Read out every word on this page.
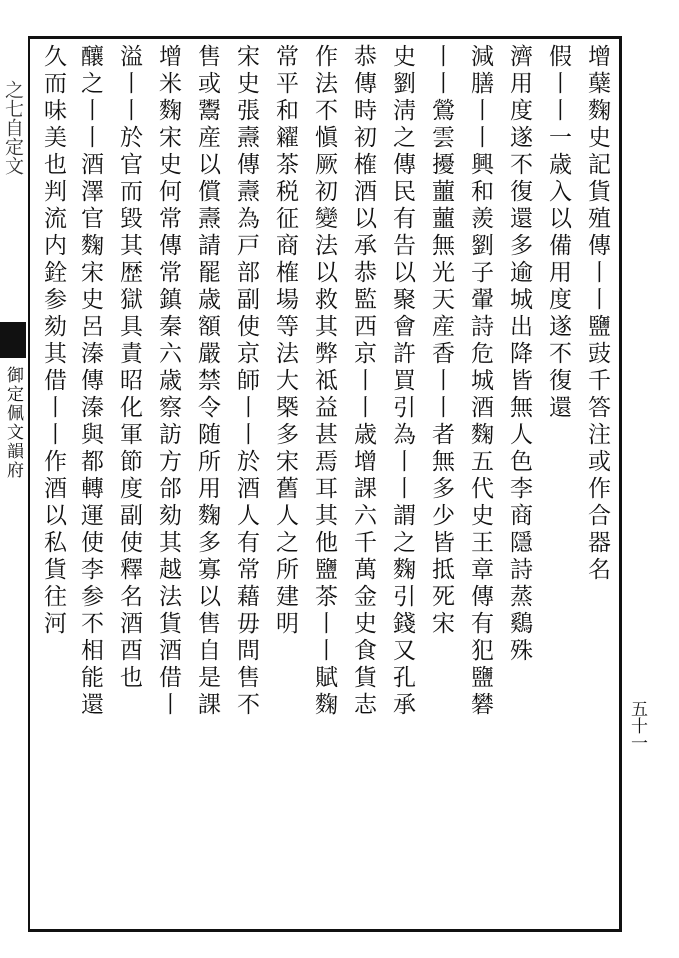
增蘖麴史記貨殖傳丨丨鹽豉千答注或作合器名
假丨丨一歳入以備用度遂不復還
濟用度遂不復還多逾城出降皆無人色李商隱詩蒸鷄殊
減膳丨丨興和羨劉子翬詩危城酒麴五代史王章傳有犯鹽礬
丨丨鶯雲擾蘁蘁無光天産香丨丨者無多少皆抵死宋
史劉淸之傳民有告以聚會許買引為丨丨謂之麴引錢又孔承
恭傳時初榷酒以承恭監西京丨丨歳增課六千萬金史食貨志
作法不愼厥初變法以救其弊祗益甚焉耳其他鹽茶丨丨賦麴
常平和糴茶税征商榷場等法大槩多宋舊人之所建明
宋史張燾傳燾為戸部副使京師丨丨於酒人有常藉毋問售不
售或鬻産以償燾請罷歳額嚴禁令随所用麴多寡以售自是課
增米麴宋史何常傳常鎮秦六歳察訪方郃劾其越法貨酒借丨
溢丨丨於官而毀其歴獄具責昭化軍節度副使釋名酒酉也
釀之丨丨酒澤官麴宋史呂溱傳溱與都轉運使李参不相能還
久而味美也判流内銓参劾其借丨丨作酒以私貨往河
之七自定文
御定佩文韻府
五十一
